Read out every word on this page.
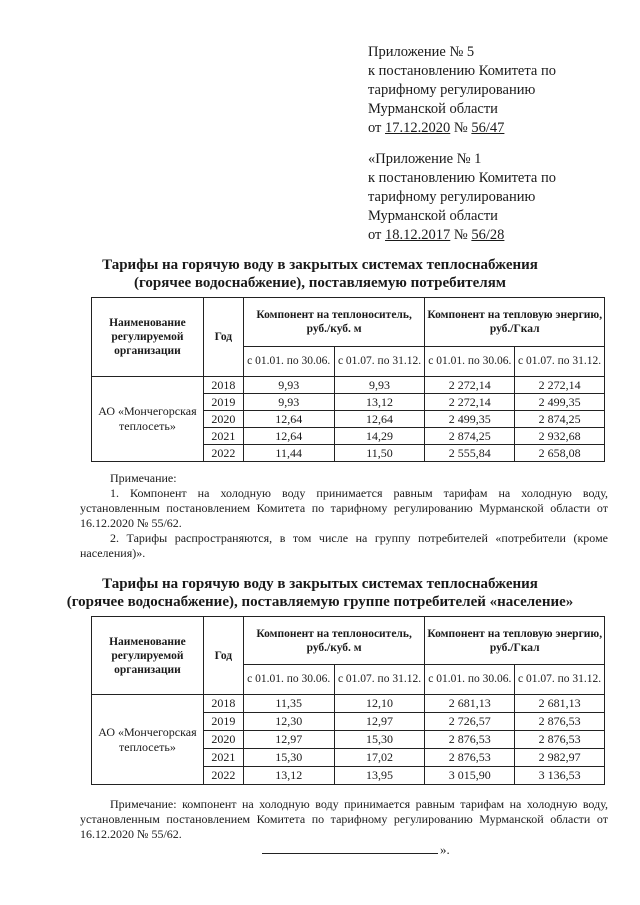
Приложение № 5
к постановлению Комитета по
тарифному регулированию
Мурманской области
от 17.12.2020 № 56/47
«Приложение № 1
к постановлению Комитета по
тарифному регулированию
Мурманской области
от 18.12.2017 № 56/28
Тарифы на горячую воду в закрытых системах теплоснабжения
(горячее водоснабжение), поставляемую потребителям
Наименование регулируемой организации	Год	Компонент на теплоноситель, руб./куб. м		Компонент на тепловую энергию, руб./Гкал	
		с 01.01. по 30.06.	с 01.07. по 31.12.	с 01.01. по 30.06.	с 01.07. по 31.12.
АО «Мончегорская теплосеть»	2018	9,93	9,93	2 272,14	2 272,14
	2019	9,93	13,12	2 272,14	2 499,35
	2020	12,64	12,64	2 499,35	2 874,25
	2021	12,64	14,29	2 874,25	2 932,68
	2022	11,44	11,50	2 555,84	2 658,08

Примечание:

1. Компонент на холодную воду принимается равным тарифам на холодную воду, установленным постановлением Комитета по тарифному регулированию Мурманской области от 16.12.2020 № 55/62.

2. Тарифы распространяются, в том числе на группу потребителей «потребители (кроме населения)».

Тарифы на горячую воду в закрытых системах теплоснабжения
(горячее водоснабжение), поставляемую группе потребителей «население»
Наименование регулируемой организации	Год	Компонент на теплоноситель, руб./куб. м		Компонент на тепловую энергию, руб./Гкал	
		с 01.01. по 30.06.	с 01.07. по 31.12.	с 01.01. по 30.06.	с 01.07. по 31.12.
АО «Мончегорская теплосеть»	2018	11,35	12,10	2 681,13	2 681,13
	2019	12,30	12,97	2 726,57	2 876,53
	2020	12,97	15,30	2 876,53	2 876,53
	2021	15,30	17,02	2 876,53	2 982,97
	2022	13,12	13,95	3 015,90	3 136,53

Примечание: компонент на холодную воду принимается равным тарифам на холодную воду, установленным постановлением Комитета по тарифному регулированию Мурманской области от 16.12.2020 № 55/62.

».
